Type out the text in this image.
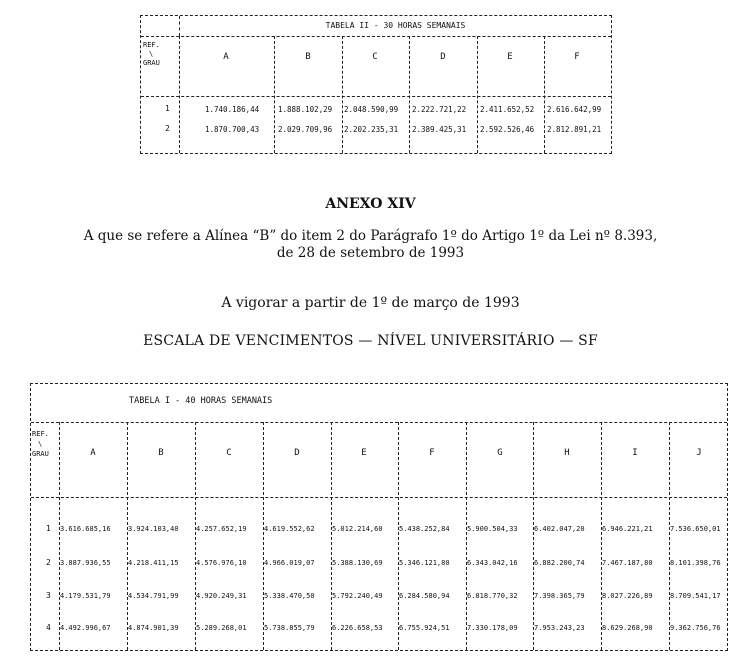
TABELA II - 30 HORAS SEMANAIS
REF.
\
GRAU
A	B	C	D	E	F
1	1.740.186,44	1.888.102,29 2.048.590,99 2.222.721,22 2.411.652,52 2.616.642,99
2	1.870.700,43	2.029.709,96 2.202.235,31 2.389.425,31 2.592.526,46 2.812.891,21
ANEXO XIV
A que se refere a Alínea “B” do item 2 do Parágrafo 1º do Artigo 1º da Lei nº 8.393,
de 28 de setembro de 1993
A vigorar a partir de 1º de março de 1993
ESCALA DE VENCIMENTOS — NÍVEL UNIVERSITÁRIO — SF
TABELA I - 40 HORAS SEMANAIS
REF.
\
GRAU	A	B	C	D	E	F	G	H	I	J
1 3.616.685,16 3.924.103,40 4.257.652,19 4.619.552,62 5.012.214,60 5.438.252,84 5.900.504,33 6.402.047,20 6.946.221,21 7.536.650,01
2 3.887.936,55 4.218.411,15 4.576.976,10 4.966.019,07 5.388.130,69 5.346.121,80 6.343.042,16 6.882.200,74 7.467.187,80 8.101.398,76
3 4.179.531,79 4.534.791,99 4.920.249,31 5.338.470,50 5.792.240,49 6.284.580,94 6.818.770,32 7.398.365,79 8.027.226,89 8.709.541,17
4 4.492.996,67 4.874.901,39 5.289.268,01 5.738.855,79 6.226.658,53 6.755.924,51 7.330.178,09 7.953.243,23 8.629.268,90 9.362.756,76
